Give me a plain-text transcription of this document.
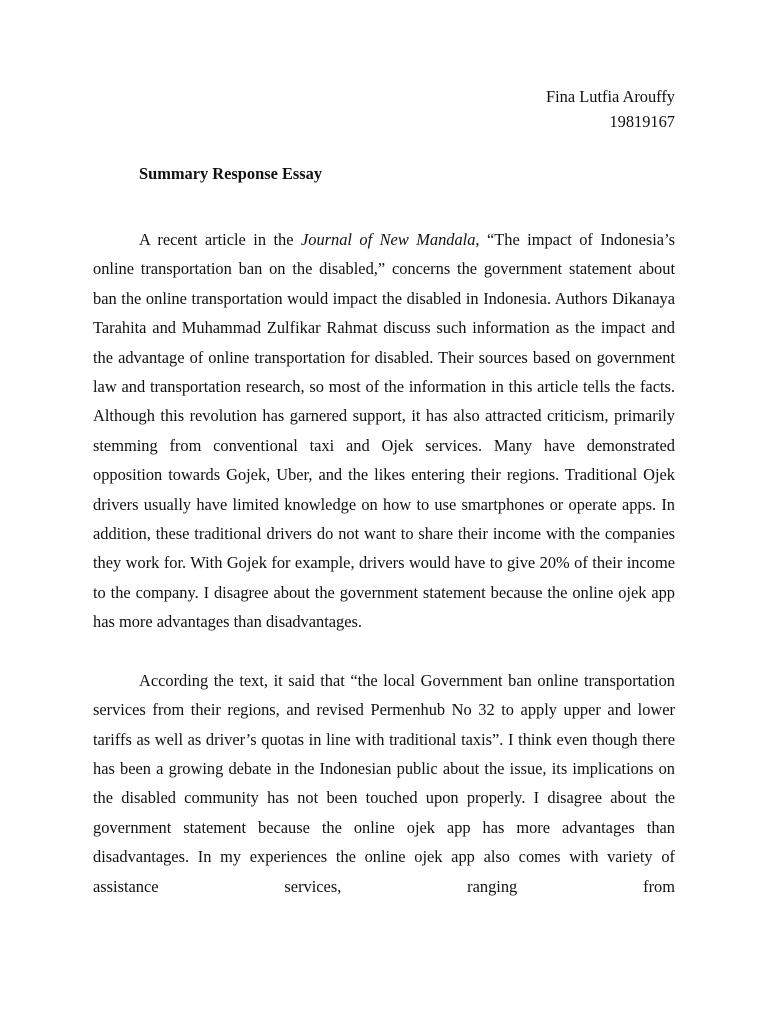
Fina Lutfia Arouffy
19819167
Summary Response Essay

A recent article in the Journal of New Mandala, “The impact of Indonesia’s online transportation ban on the disabled,” concerns the government statement about ban the online transportation would impact the disabled in Indonesia. Authors Dikanaya Tarahita and Muhammad Zulfikar Rahmat discuss such information as the impact and the advantage of online transportation for disabled. Their sources based on government law and transportation research, so most of the information in this article tells the facts. Although this revolution has garnered support, it has also attracted criticism, primarily stemming from conventional taxi and Ojek services. Many have demonstrated opposition towards Gojek, Uber, and the likes entering their regions. Traditional Ojek drivers usually have limited knowledge on how to use smartphones or operate apps. In addition, these traditional drivers do not want to share their income with the companies they work for. With Gojek for example, drivers would have to give 20% of their income to the company. I disagree about the government statement because the online ojek app has more advantages than disadvantages.

According the text, it said that “the local Government ban online transportation services from their regions, and revised Permenhub No 32 to apply upper and lower tariffs as well as driver’s quotas in line with traditional taxis”. I think even though there has been a growing debate in the Indonesian public about the issue, its implications on the disabled community has not been touched upon properly. I disagree about the government statement because the online ojek app has more advantages than disadvantages. In my experiences the online ojek app also comes with variety of assistance services, ranging from
